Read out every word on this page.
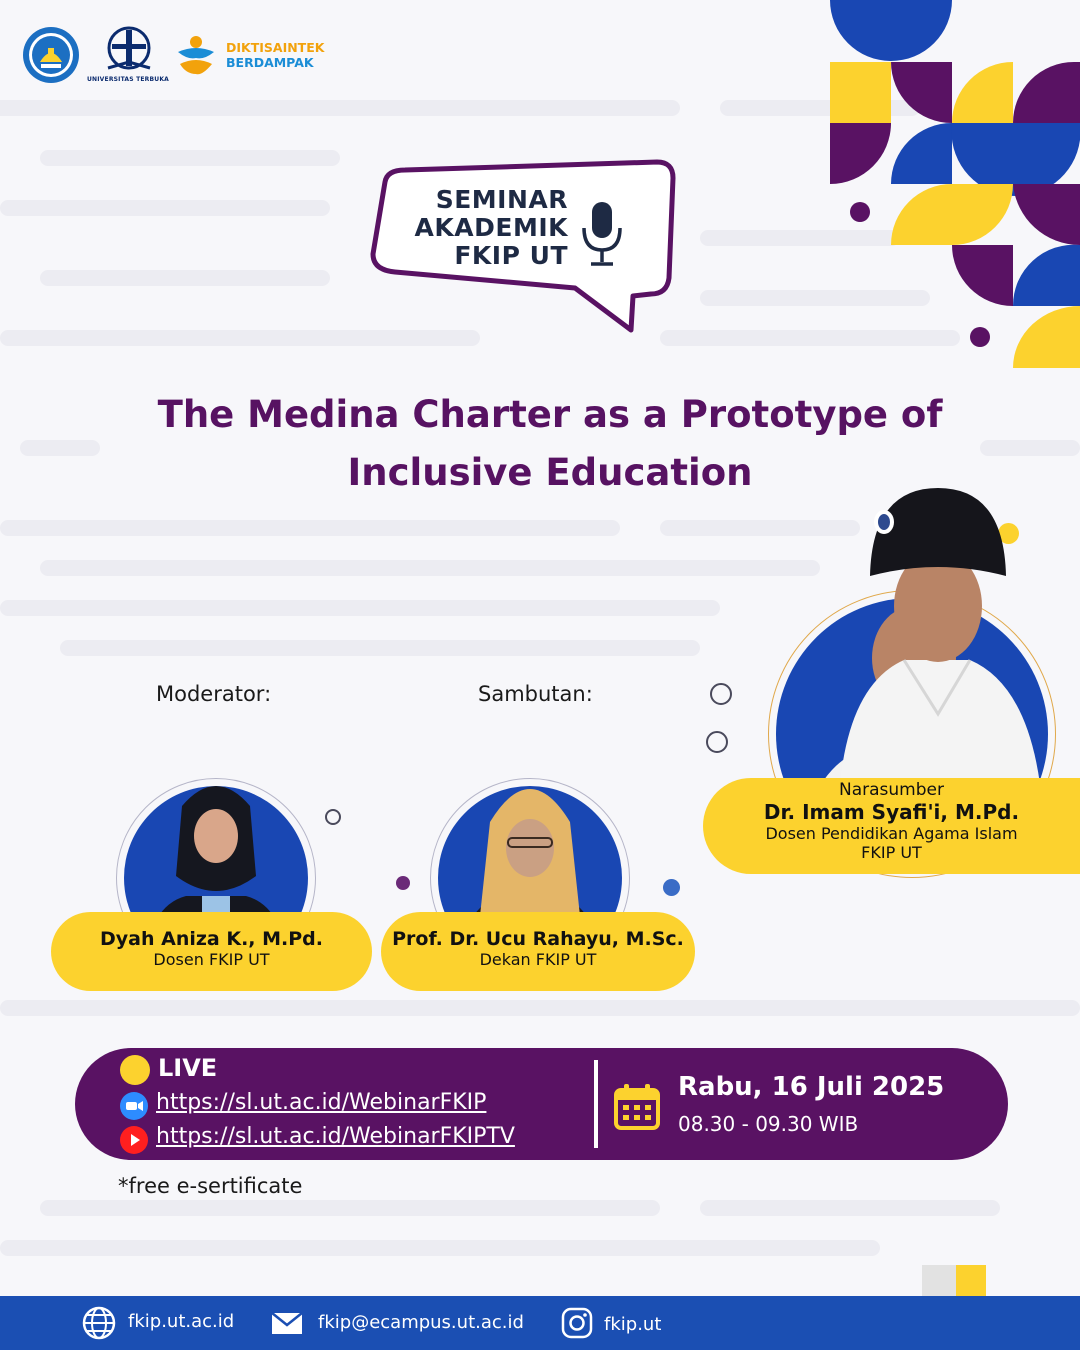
UNIVERSITAS TERBUKA
DIKTISAINTEK
BERDAMPAK
SEMINAR
AKADEMIK
FKIP UT
The Medina Charter as a Prototype of
Inclusive Education
Moderator:	Sambutan:
Dyah Aniza K., M.Pd.
Dosen FKIP UT
Prof. Dr. Ucu Rahayu, M.Sc.
Dekan FKIP UT
Narasumber
Dr. Imam Syafi'i, M.Pd.
Dosen Pendidikan Agama Islam
FKIP UT
LIVE
https://sl.ut.ac.id/WebinarFKIP
https://sl.ut.ac.id/WebinarFKIPTV
Rabu, 16 Juli 2025
08.30 - 09.30 WIB
*free e-sertificate
fkip.ut.ac.id	fkip@ecampus.ut.ac.id	fkip.ut
